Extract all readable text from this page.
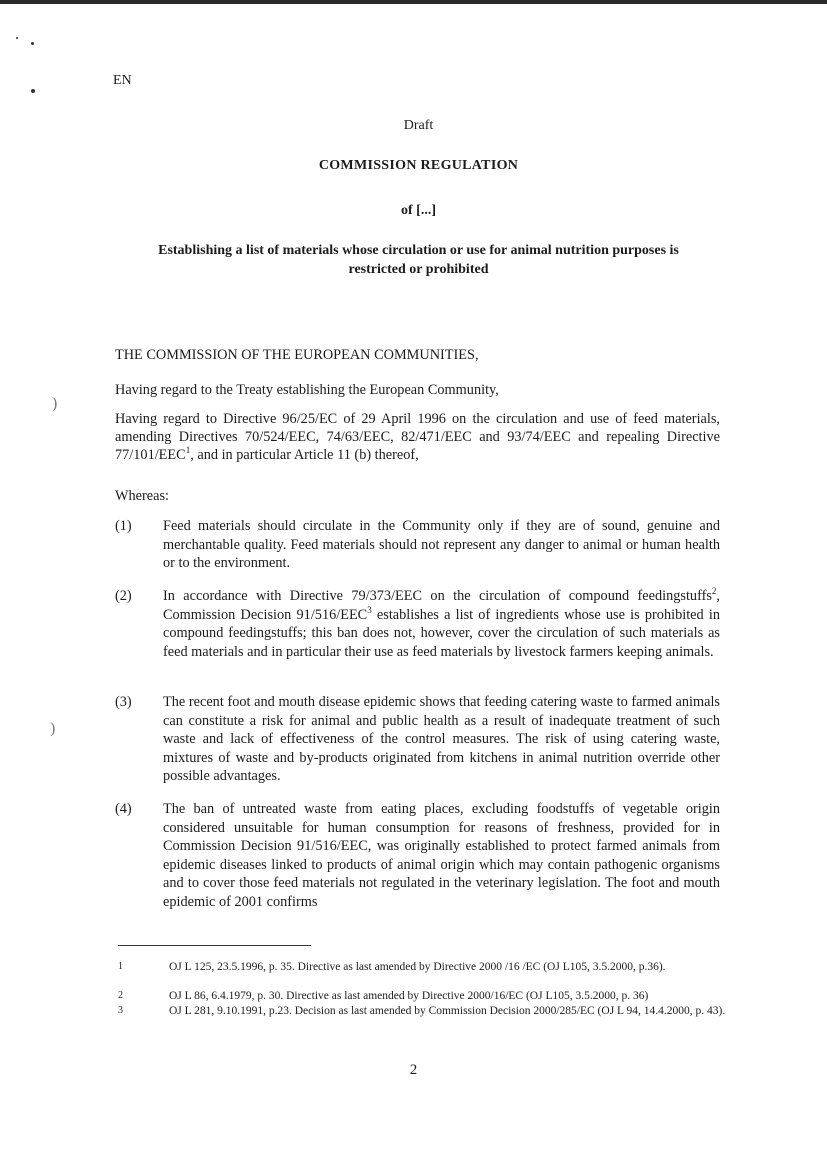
)
)
EN
Draft
COMMISSION REGULATION
of [...]
Establishing a list of materials whose circulation or use for animal nutrition purposes is
restricted or prohibited
THE COMMISSION OF THE EUROPEAN COMMUNITIES,
Having regard to the Treaty establishing the European Community,
Having regard to Directive 96/25/EC of 29 April 1996 on the circulation and use of feed materials, amending Directives 70/524/EEC, 74/63/EEC, 82/471/EEC and 93/74/EEC and repealing Directive 77/101/EEC$^1$, and in particular Article 11 (b) thereof,
Whereas:
(1)	Feed materials should circulate in the Community only if they are of sound, genuine and merchantable quality. Feed materials should not represent any danger to animal or human health or to the environment.
(2)	In accordance with Directive 79/373/EEC on the circulation of compound feedingstuffs$^2$, Commission Decision 91/516/EEC$^3$ establishes a list of ingredients whose use is prohibited in compound feedingstuffs; this ban does not, however, cover the circulation of such materials as feed materials and in particular their use as feed materials by livestock farmers keeping animals.
(3)	The recent foot and mouth disease epidemic shows that feeding catering waste to farmed animals can constitute a risk for animal and public health as a result of inadequate treatment of such waste and lack of effectiveness of the control measures. The risk of using catering waste, mixtures of waste and by-products originated from kitchens in animal nutrition override other possible advantages.
(4)	The ban of untreated waste from eating places, excluding foodstuffs of vegetable origin considered unsuitable for human consumption for reasons of freshness, provided for in Commission Decision 91/516/EEC, was originally established to protect farmed animals from epidemic diseases linked to products of animal origin which may contain pathogenic organisms and to cover those feed materials not regulated in the veterinary legislation. The foot and mouth epidemic of 2001 confirms
1	OJ L 125, 23.5.1996, p. 35. Directive as last amended by Directive 2000 /16 /EC (OJ L105, 3.5.2000, p.36).
2	OJ L 86, 6.4.1979, p. 30. Directive as last amended by Directive 2000/16/EC (OJ L105, 3.5.2000, p. 36)
3	OJ L 281, 9.10.1991, p.23. Decision as last amended by Commission Decision 2000/285/EC (OJ L 94, 14.4.2000, p. 43).
2
